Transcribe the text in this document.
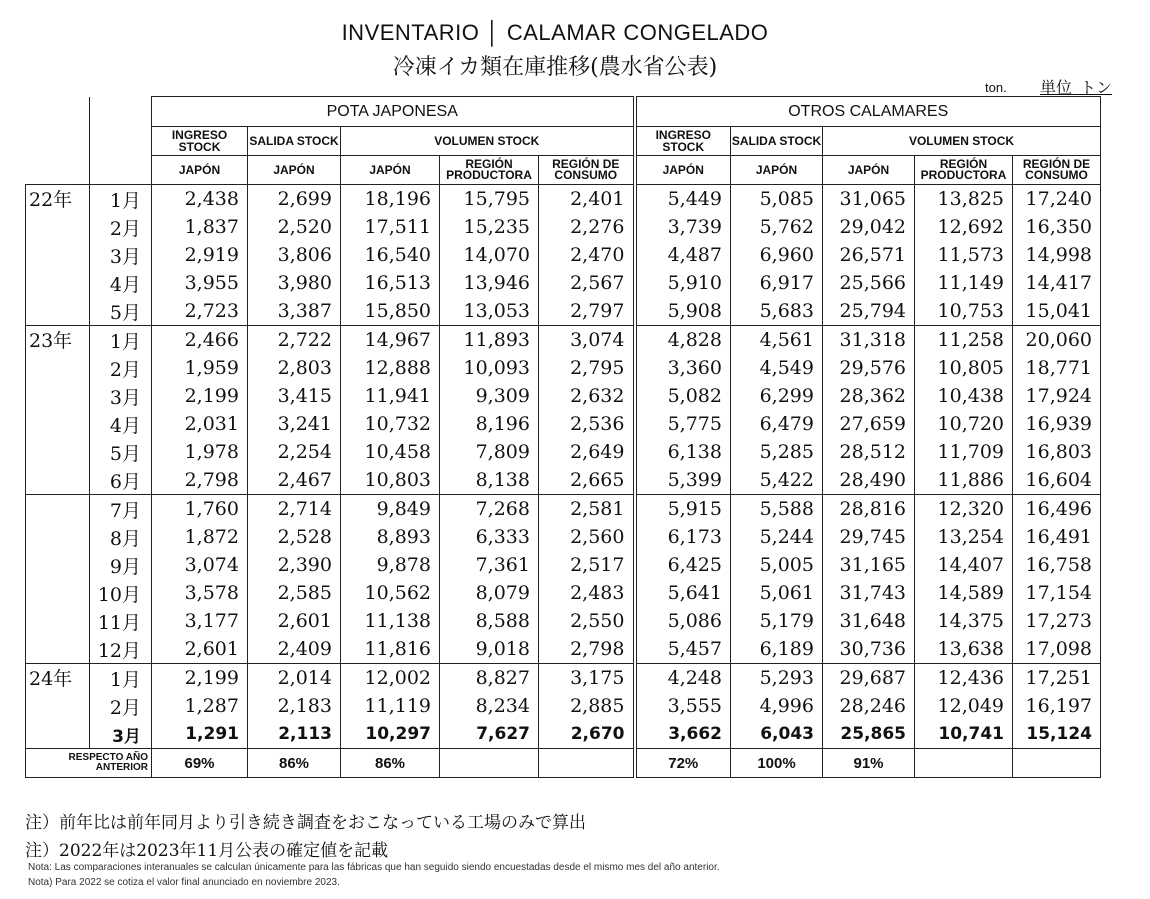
INVENTARIO │ CALAMAR CONGELADO
冷凍イカ類在庫推移(農水省公表)
ton. 単位_トン
		POTA JAPONESA					OTROS CALAMARES				
		INGRESO STOCK	SALIDA STOCK	VOLUMEN STOCK			INGRESO STOCK	SALIDA STOCK	VOLUMEN STOCK		
		JAPÓN	JAPÓN	JAPÓN	REGIÓN PRODUCTORA	REGIÓN DE CONSUMO	JAPÓN	JAPÓN	JAPÓN	REGIÓN PRODUCTORA	REGIÓN DE CONSUMO
22年	1月	2,438	2,699	18,196	15,795	2,401	5,449	5,085	31,065	13,825	17,240
	2月	1,837	2,520	17,511	15,235	2,276	3,739	5,762	29,042	12,692	16,350
	3月	2,919	3,806	16,540	14,070	2,470	4,487	6,960	26,571	11,573	14,998
	4月	3,955	3,980	16,513	13,946	2,567	5,910	6,917	25,566	11,149	14,417
	5月	2,723	3,387	15,850	13,053	2,797	5,908	5,683	25,794	10,753	15,041
23年	1月	2,466	2,722	14,967	11,893	3,074	4,828	4,561	31,318	11,258	20,060
	2月	1,959	2,803	12,888	10,093	2,795	3,360	4,549	29,576	10,805	18,771
	3月	2,199	3,415	11,941	9,309	2,632	5,082	6,299	28,362	10,438	17,924
	4月	2,031	3,241	10,732	8,196	2,536	5,775	6,479	27,659	10,720	16,939
	5月	1,978	2,254	10,458	7,809	2,649	6,138	5,285	28,512	11,709	16,803
	6月	2,798	2,467	10,803	8,138	2,665	5,399	5,422	28,490	11,886	16,604
	7月	1,760	2,714	9,849	7,268	2,581	5,915	5,588	28,816	12,320	16,496
	8月	1,872	2,528	8,893	6,333	2,560	6,173	5,244	29,745	13,254	16,491
	9月	3,074	2,390	9,878	7,361	2,517	6,425	5,005	31,165	14,407	16,758
	10月	3,578	2,585	10,562	8,079	2,483	5,641	5,061	31,743	14,589	17,154
	11月	3,177	2,601	11,138	8,588	2,550	5,086	5,179	31,648	14,375	17,273
	12月	2,601	2,409	11,816	9,018	2,798	5,457	6,189	30,736	13,638	17,098
24年	1月	2,199	2,014	12,002	8,827	3,175	4,248	5,293	29,687	12,436	17,251
	2月	1,287	2,183	11,119	8,234	2,885	3,555	4,996	28,246	12,049	16,197
	3月	1,291	2,113	10,297	7,627	2,670	3,662	6,043	25,865	10,741	15,124
RESPECTO AÑO ANTERIOR		69%	86%	86%			72%	100%	91%		
注）前年比は前年同月より引き続き調査をおこなっている工場のみで算出
注）2022年は2023年11月公表の確定値を記載
Nota: Las comparaciones interanuales se calculan únicamente para las fábricas que han seguido siendo encuestadas desde el mismo mes del año anterior.
Nota) Para 2022 se cotiza el valor final anunciado en noviembre 2023.
